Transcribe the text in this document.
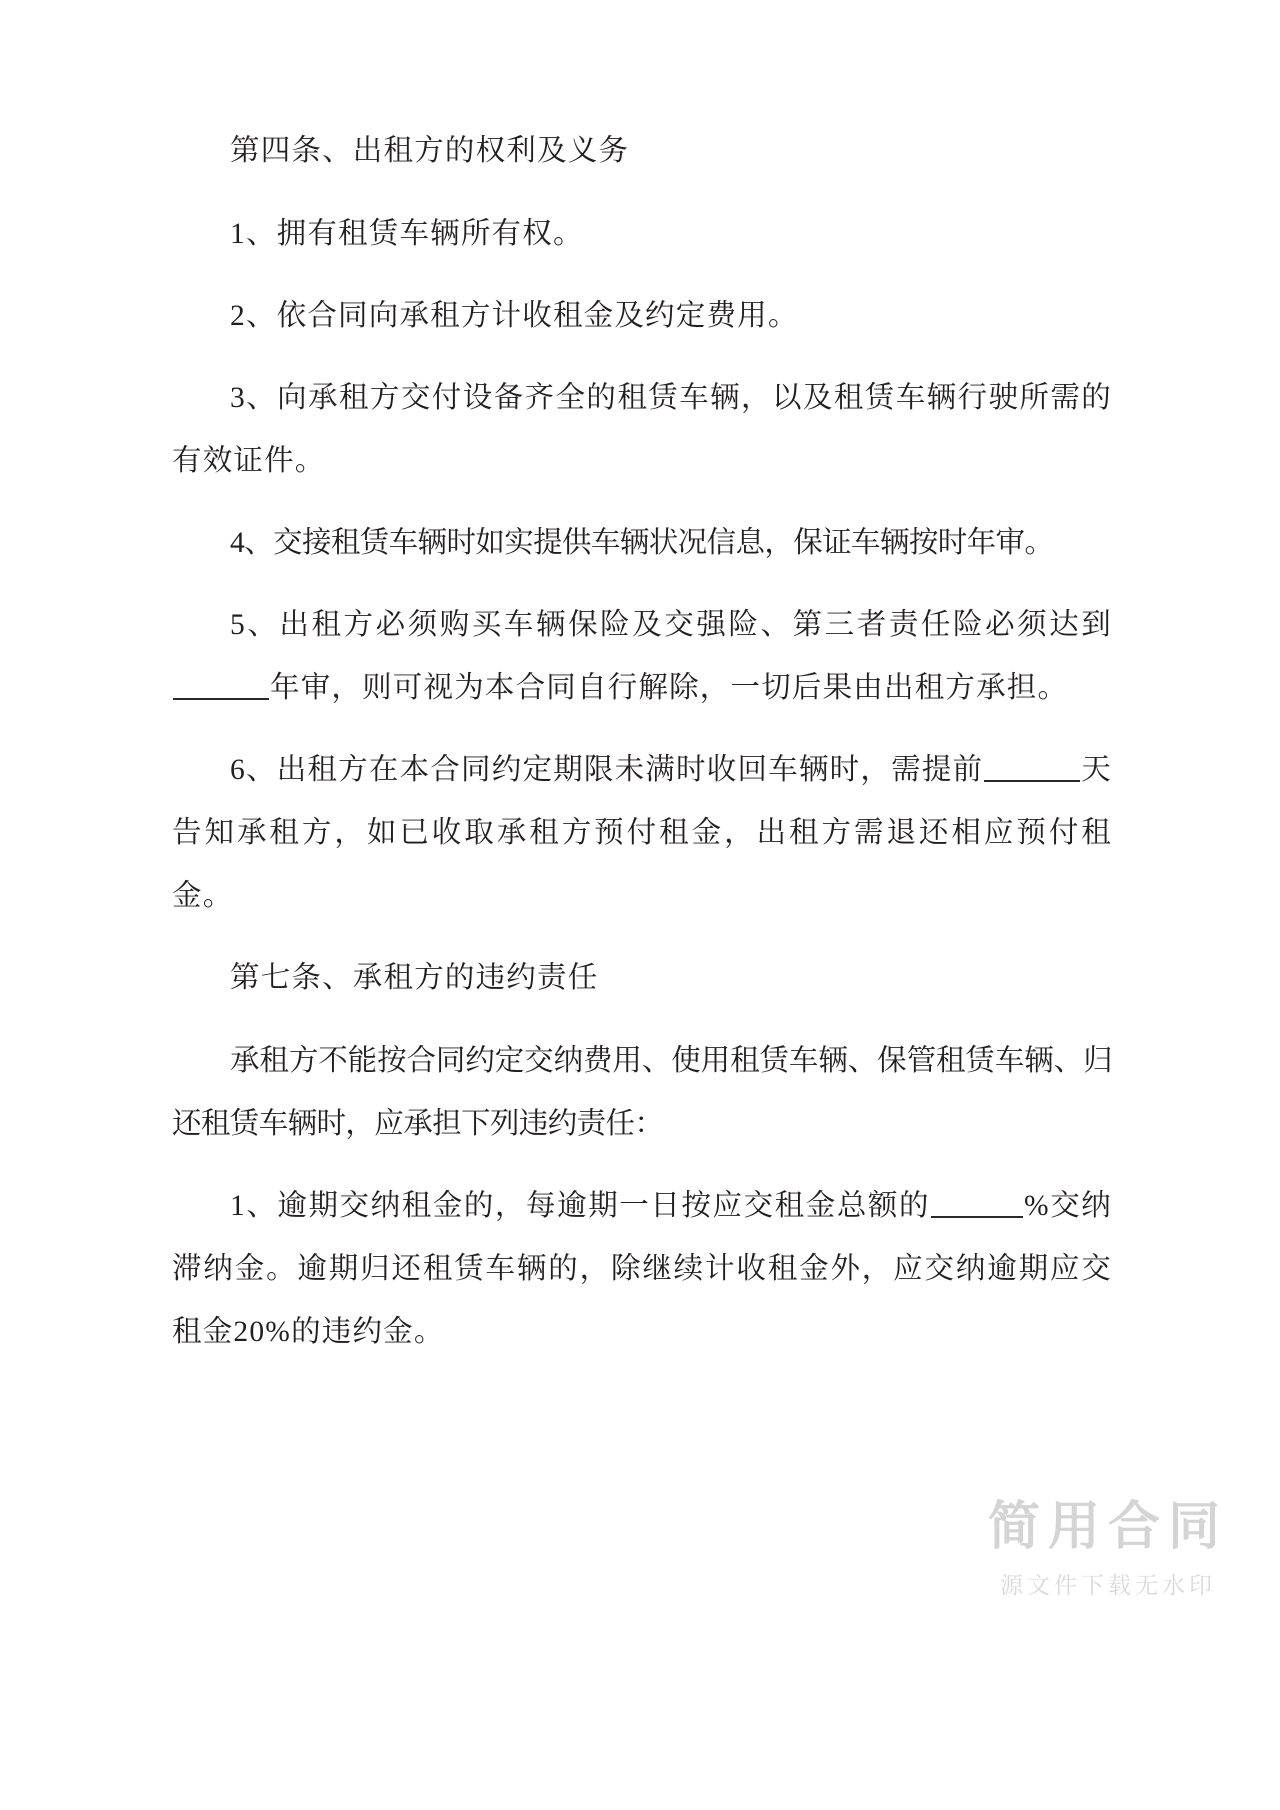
第四条、出租方的权利及义务

1、拥有租赁车辆所有权。

2、依合同向承租方计收租金及约定费用。

3、向承租方交付设备齐全的租赁车辆，以及租赁车辆行驶所需的有效证件。

4、交接租赁车辆时如实提供车辆状况信息，保证车辆按时年审。

5、出租方必须购买车辆保险及交强险、第三者责任险必须达到年审，则可视为本合同自行解除，一切后果由出租方承担。

6、出租方在本合同约定期限未满时收回车辆时，需提前	天告知承租方，如已收取承租方预付租金，出租方需退还相应预付租金。

第七条、承租方的违约责任

承租方不能按合同约定交纳费用、使用租赁车辆、保管租赁车辆、归还租赁车辆时，应承担下列违约责任：

1、逾期交纳租金的，每逾期一日按应交租金总额的	%交纳滞纳金。逾期归还租赁车辆的，除继续计收租金外，应交纳逾期应交租金20%的违约金。

简用合同
源文件下载无水印
